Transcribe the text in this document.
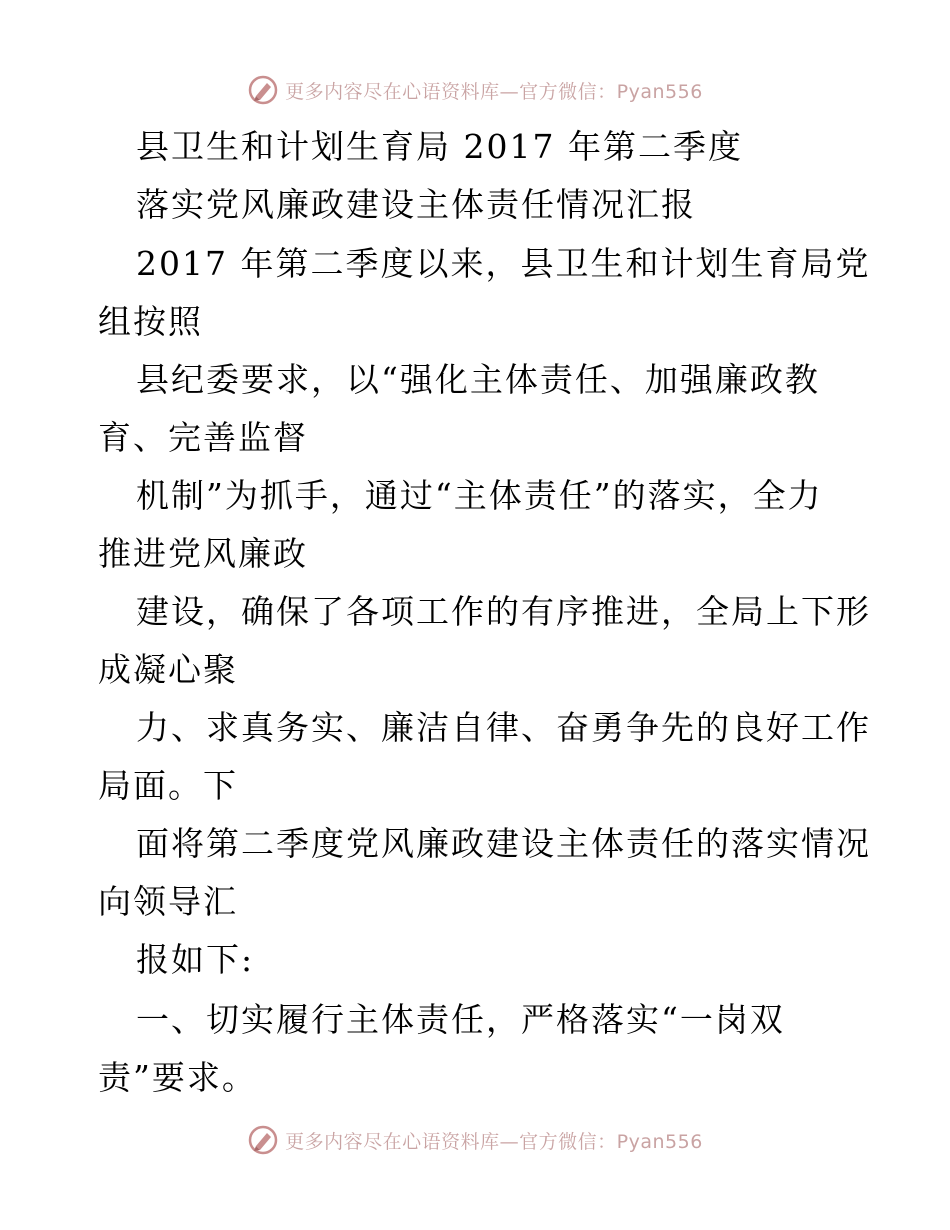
更多内容尽在心语资料库—官方微信：Pyan556
县卫生和计划生育局 2017 年第二季度
落实党风廉政建设主体责任情况汇报
2017 年第二季度以来，县卫生和计划生育局党
组按照
县纪委要求，以“强化主体责任、加强廉政教
育、完善监督
机制”为抓手，通过“主体责任”的落实，全力
推进党风廉政
建设，确保了各项工作的有序推进，全局上下形
成凝心聚
力、求真务实、廉洁自律、奋勇争先的良好工作
局面。下
面将第二季度党风廉政建设主体责任的落实情况
向领导汇
报如下:
一、切实履行主体责任，严格落实“一岗双
责”要求。
更多内容尽在心语资料库—官方微信：Pyan556
